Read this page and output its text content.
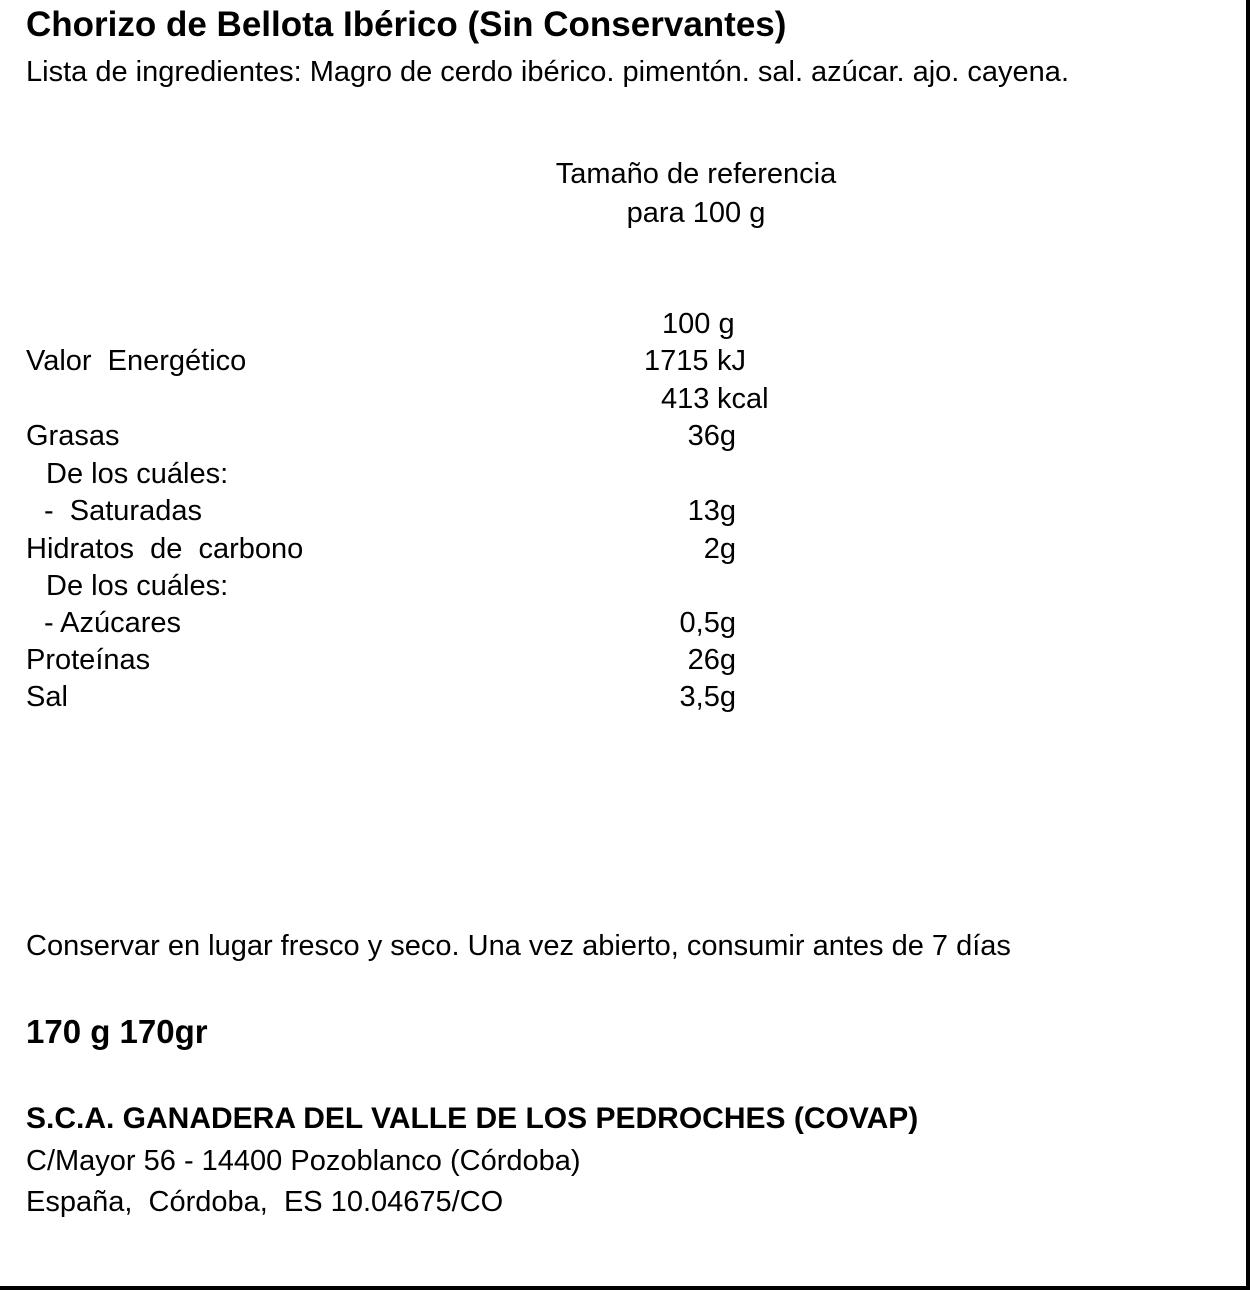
Chorizo de Bellota Ibérico (Sin Conservantes)
Lista de ingredientes: Magro de cerdo ibérico. pimentón. sal. azúcar. ajo. cayena.
Tamaño de referencia
para 100 g
100 g
Valor  Energético	1715 kJ
413 kcal
Grasas	36g
De los cuáles:
-  Saturadas	13g
Hidratos  de  carbono	2g
De los cuáles:
- Azúcares	0,5g
Proteínas	26g
Sal	3,5g
Conservar en lugar fresco y seco. Una vez abierto, consumir antes de 7 días
170 g 170gr
S.C.A. GANADERA DEL VALLE DE LOS PEDROCHES (COVAP)
C/Mayor 56 - 14400 Pozoblanco (Córdoba)
España,  Córdoba,  ES 10.04675/CO
